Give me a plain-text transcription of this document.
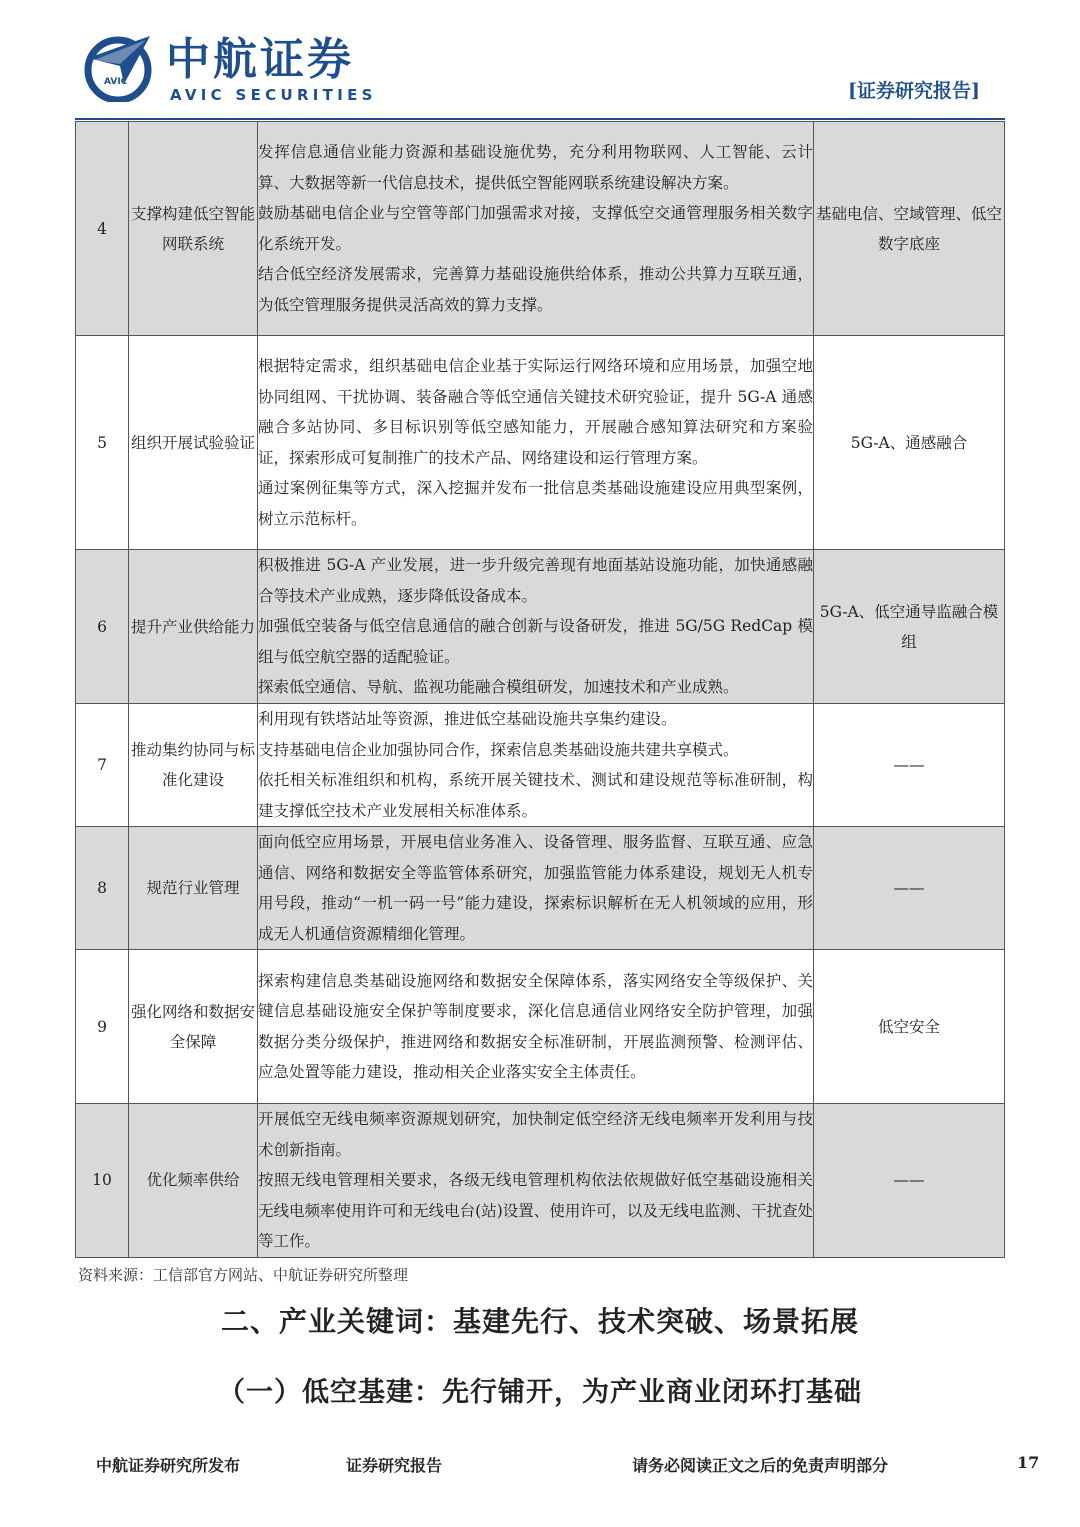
AVIC 中航证券
AVIC SECURITIES	[证券研究报告]
4	支撑构建低空智能网联系统	发挥信息通信业能力资源和基础设施优势，充分利用物联网、人工智能、云计算、大数据等新一代信息技术，提供低空智能网联系统建设解决方案。

鼓励基础电信企业与空管等部门加强需求对接，支撑低空交通管理服务相关数字化系统开发。

结合低空经济发展需求，完善算力基础设施供给体系，推动公共算力互联互通，为低空管理服务提供灵活高效的算力支撑。	基础电信、空域管理、低空数字底座
5	组织开展试验验证	根据特定需求，组织基础电信企业基于实际运行网络环境和应用场景，加强空地协同组网、干扰协调、装备融合等低空通信关键技术研究验证，提升 5G-A 通感融合多站协同、多目标识别等低空感知能力，开展融合感知算法研究和方案验证，探索形成可复制推广的技术产品、网络建设和运行管理方案。

通过案例征集等方式，深入挖掘并发布一批信息类基础设施建设应用典型案例，树立示范标杆。	5G-A、通感融合
6	提升产业供给能力	积极推进 5G-A 产业发展，进一步升级完善现有地面基站设施功能，加快通感融合等技术产业成熟，逐步降低设备成本。

加强低空装备与低空信息通信的融合创新与设备研发，推进 5G/5G RedCap 模组与低空航空器的适配验证。

探索低空通信、导航、监视功能融合模组研发，加速技术和产业成熟。	5G-A、低空通导监融合模组
7	推动集约协同与标准化建设	利用现有铁塔站址等资源，推进低空基础设施共享集约建设。

支持基础电信企业加强协同合作，探索信息类基础设施共建共享模式。

依托相关标准组织和机构，系统开展关键技术、测试和建设规范等标准研制，构建支撑低空技术产业发展相关标准体系。	——
8	规范行业管理	面向低空应用场景，开展电信业务准入、设备管理、服务监督、互联互通、应急通信、网络和数据安全等监管体系研究，加强监管能力体系建设，规划无人机专用号段，推动“一机一码一号”能力建设，探索标识解析在无人机领域的应用，形成无人机通信资源精细化管理。	——
9	强化网络和数据安全保障	探索构建信息类基础设施网络和数据安全保障体系，落实网络安全等级保护、关键信息基础设施安全保护等制度要求，深化信息通信业网络安全防护管理，加强数据分类分级保护，推进网络和数据安全标准研制，开展监测预警、检测评估、应急处置等能力建设，推动相关企业落实安全主体责任。	低空安全
10	优化频率供给	开展低空无线电频率资源规划研究，加快制定低空经济无线电频率开发利用与技术创新指南。

按照无线电管理相关要求，各级无线电管理机构依法依规做好低空基础设施相关无线电频率使用许可和无线电台(站)设置、使用许可，以及无线电监测、干扰查处等工作。	——
资料来源：工信部官方网站、中航证券研究所整理
二、产业关键词：基建先行、技术突破、场景拓展
（一）低空基建：先行铺开，为产业商业闭环打基础
中航证券研究所发布	证券研究报告	请务必阅读正文之后的免责声明部分	17
